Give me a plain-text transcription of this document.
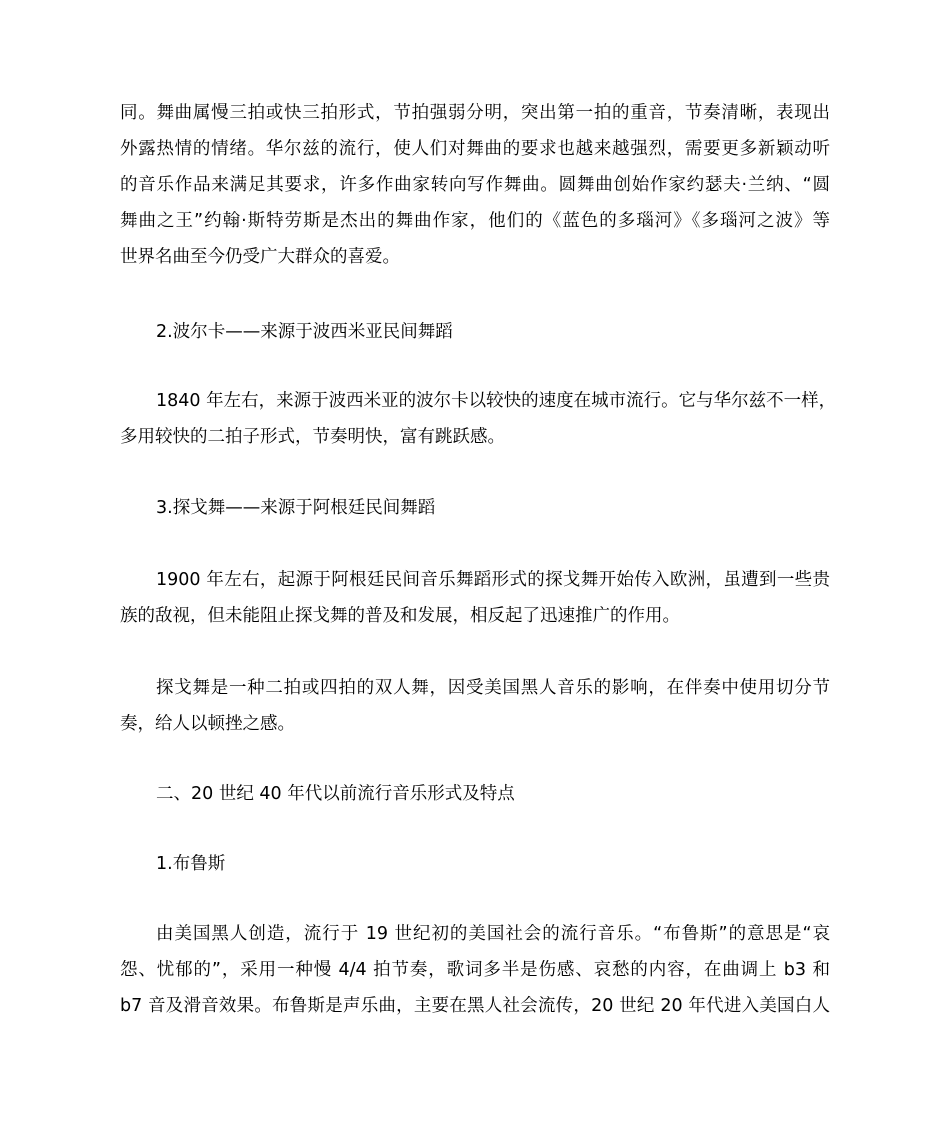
同。舞曲属慢三拍或快三拍形式，节拍强弱分明，突出第一拍的重音，节奏清晰，表现出
外露热情的情绪。华尔兹的流行，使人们对舞曲的要求也越来越强烈，需要更多新颖动听
的音乐作品来满足其要求，许多作曲家转向写作舞曲。圆舞曲创始作家约瑟夫·兰纳、“圆
舞曲之王”约翰·斯特劳斯是杰出的舞曲作家，他们的《蓝色的多瑙河》《多瑙河之波》等
世界名曲至今仍受广大群众的喜爱。
2.波尔卡——来源于波西米亚民间舞蹈
1840 年左右，来源于波西米亚的波尔卡以较快的速度在城市流行。它与华尔兹不一样，
多用较快的二拍子形式，节奏明快，富有跳跃感。
3.探戈舞——来源于阿根廷民间舞蹈
1900 年左右，起源于阿根廷民间音乐舞蹈形式的探戈舞开始传入欧洲，虽遭到一些贵
族的敌视，但未能阻止探戈舞的普及和发展，相反起了迅速推广的作用。
探戈舞是一种二拍或四拍的双人舞，因受美国黑人音乐的影响，在伴奏中使用切分节
奏，给人以顿挫之感。
二、20 世纪 40 年代以前流行音乐形式及特点
1.布鲁斯
由美国黑人创造，流行于 19 世纪初的美国社会的流行音乐。“布鲁斯”的意思是“哀
怨、忧郁的”，采用一种慢 4/4 拍节奏，歌词多半是伤感、哀愁的内容，在曲调上 b3 和
b7 音及滑音效果。布鲁斯是声乐曲，主要在黑人社会流传，20 世纪 20 年代进入美国白人
